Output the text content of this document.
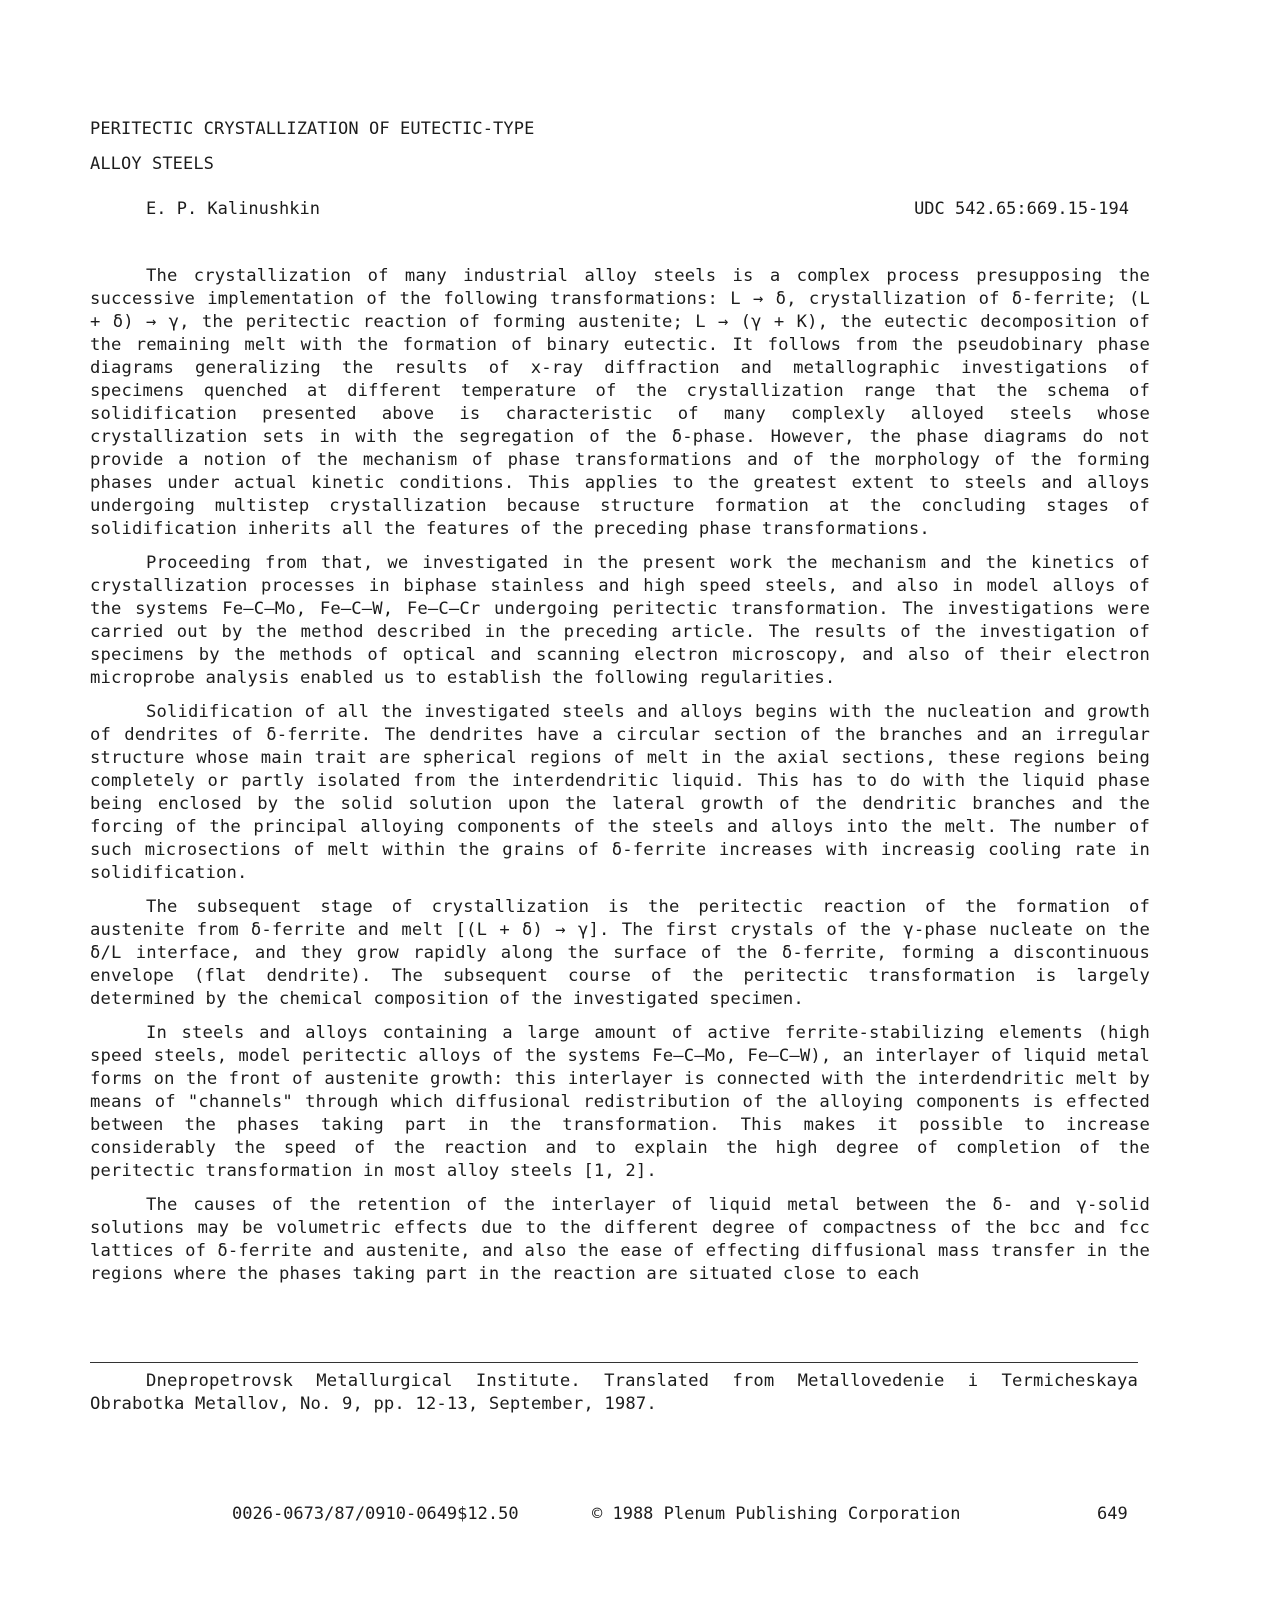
PERITECTIC CRYSTALLIZATION OF EUTECTIC-TYPE
ALLOY STEELS
E. P. Kalinushkin	UDC 542.65:669.15-194

The crystallization of many industrial alloy steels is a complex process presupposing the successive implementation of the following transformations: L → δ, crystallization of δ-ferrite; (L + δ) → γ, the peritectic reaction of forming austenite; L → (γ + K), the eutectic decomposition of the remaining melt with the formation of binary eutectic. It follows from the pseudobinary phase diagrams generalizing the results of x-ray diffraction and metallographic investigations of specimens quenched at different temperature of the crystallization range that the schema of solidification presented above is characteristic of many complexly alloyed steels whose crystallization sets in with the segregation of the δ-phase. However, the phase diagrams do not provide a notion of the mechanism of phase transformations and of the morphology of the forming phases under actual kinetic conditions. This applies to the greatest extent to steels and alloys undergoing multistep crystallization because structure formation at the concluding stages of solidification inherits all the features of the preceding phase transformations.

Proceeding from that, we investigated in the present work the mechanism and the kinetics of crystallization processes in biphase stainless and high speed steels, and also in model alloys of the systems Fe—C—Mo, Fe—C—W, Fe—C—Cr undergoing peritectic transformation. The investigations were carried out by the method described in the preceding article. The results of the investigation of specimens by the methods of optical and scanning electron microscopy, and also of their electron microprobe analysis enabled us to establish the following regularities.

Solidification of all the investigated steels and alloys begins with the nucleation and growth of dendrites of δ-ferrite. The dendrites have a circular section of the branches and an irregular structure whose main trait are spherical regions of melt in the axial sections, these regions being completely or partly isolated from the interdendritic liquid. This has to do with the liquid phase being enclosed by the solid solution upon the lateral growth of the dendritic branches and the forcing of the principal alloying components of the steels and alloys into the melt. The number of such microsections of melt within the grains of δ-ferrite increases with increasig cooling rate in solidification.

The subsequent stage of crystallization is the peritectic reaction of the formation of austenite from δ-ferrite and melt [(L + δ) → γ]. The first crystals of the γ-phase nucleate on the δ/L interface, and they grow rapidly along the surface of the δ-ferrite, forming a discontinuous envelope (flat dendrite). The subsequent course of the peritectic transformation is largely determined by the chemical composition of the investigated specimen.

In steels and alloys containing a large amount of active ferrite-stabilizing elements (high speed steels, model peritectic alloys of the systems Fe—C—Mo, Fe—C—W), an interlayer of liquid metal forms on the front of austenite growth: this interlayer is connected with the interdendritic melt by means of "channels" through which diffusional redistribution of the alloying components is effected between the phases taking part in the transformation. This makes it possible to increase considerably the speed of the reaction and to explain the high degree of completion of the peritectic transformation in most alloy steels [1, 2].

The causes of the retention of the interlayer of liquid metal between the δ- and γ-solid solutions may be volumetric effects due to the different degree of compactness of the bcc and fcc lattices of δ-ferrite and austenite, and also the ease of effecting diffusional mass transfer in the regions where the phases taking part in the reaction are situated close to each

Dnepropetrovsk Metallurgical Institute. Translated from Metallovedenie i Termicheskaya Obrabotka Metallov, No. 9, pp. 12-13, September, 1987.

0026-0673/87/0910-0649$12.50	© 1988 Plenum Publishing Corporation	649
